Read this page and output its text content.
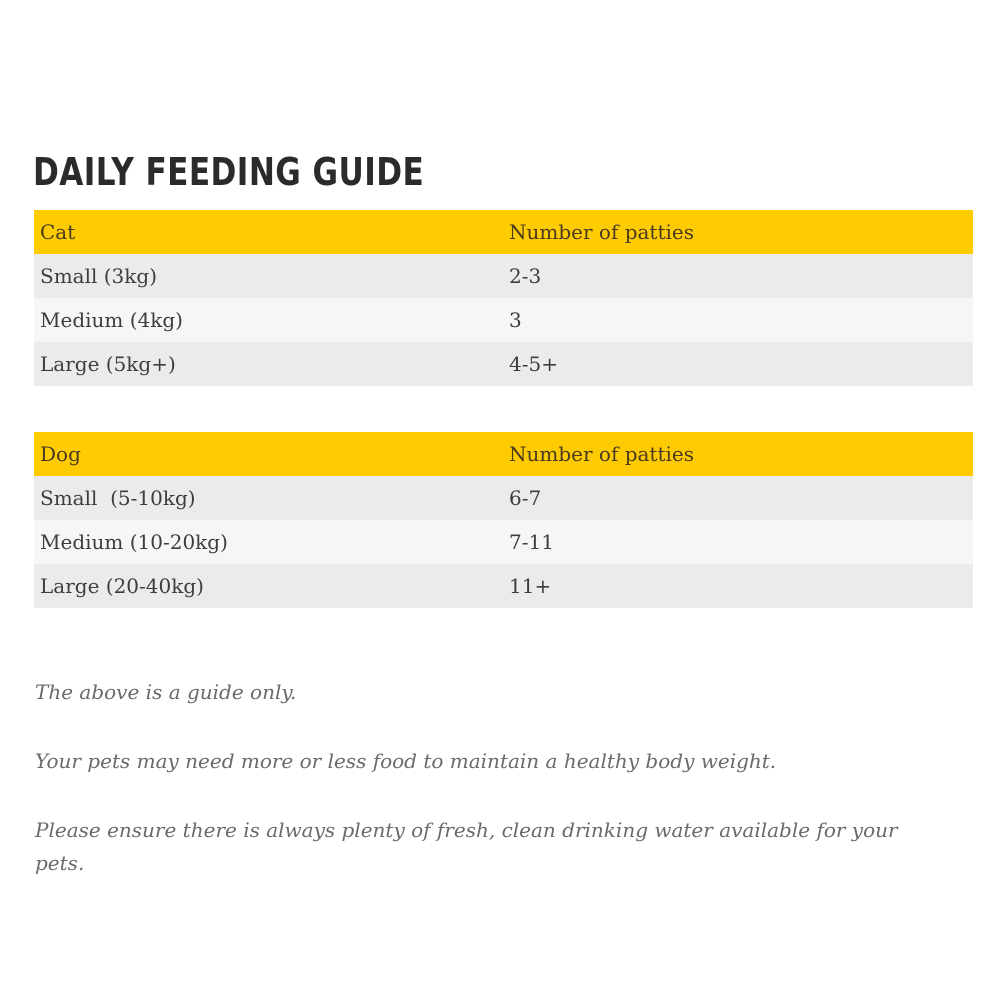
DAILY FEEDING GUIDE
Cat	Number of patties
Small (3kg)	2-3
Medium (4kg)	3
Large (5kg+)	4-5+
Dog	Number of patties
Small  (5-10kg)	6-7
Medium (10-20kg)	7-11
Large (20-40kg)	11+

The above is a guide only.

Your pets may need more or less food to maintain a healthy body weight.

Please ensure there is always plenty of fresh, clean drinking water available for your pets.
